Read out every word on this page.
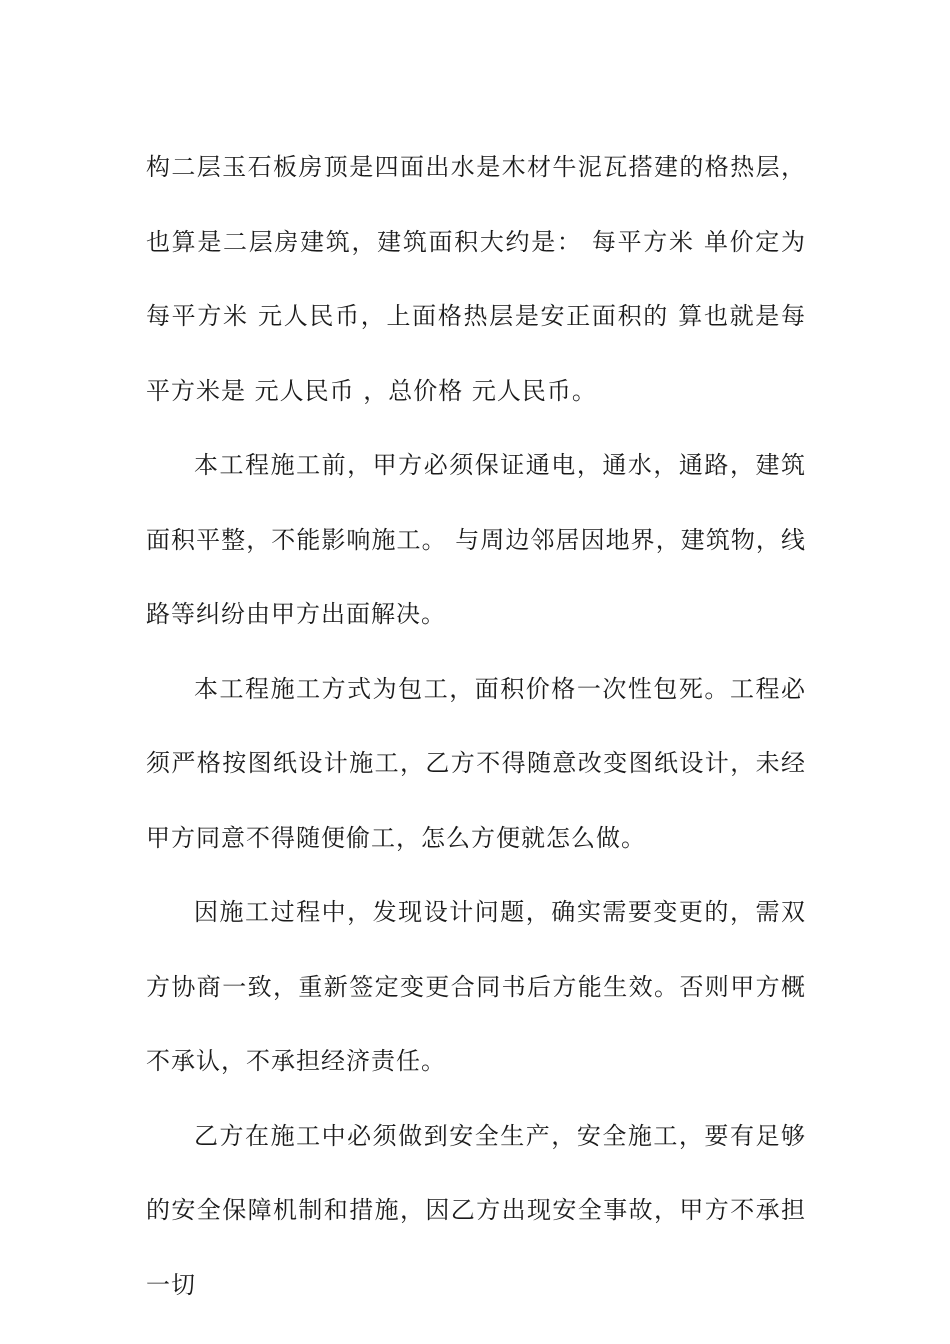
构二层玉石板房顶是四面出水是木材牛泥瓦搭建的格热层，也算是二层房建筑，建筑面积大约是： 每平方米 单价定为每平方米 元人民币，上面格热层是安正面积的 算也就是每平方米是 元人民币 ，总价格 元人民币。

本工程施工前，甲方必须保证通电，通水，通路，建筑面积平整，不能影响施工。 与周边邻居因地界，建筑物，线路等纠纷由甲方出面解决。

本工程施工方式为包工，面积价格一次性包死。工程必须严格按图纸设计施工，乙方不得随意改变图纸设计，未经甲方同意不得随便偷工，怎么方便就怎么做。

因施工过程中，发现设计问题，确实需要变更的，需双方协商一致，重新签定变更合同书后方能生效。否则甲方概不承认，不承担经济责任。

乙方在施工中必须做到安全生产，安全施工，要有足够的安全保障机制和措施，因乙方出现安全事故，甲方不承担一切
